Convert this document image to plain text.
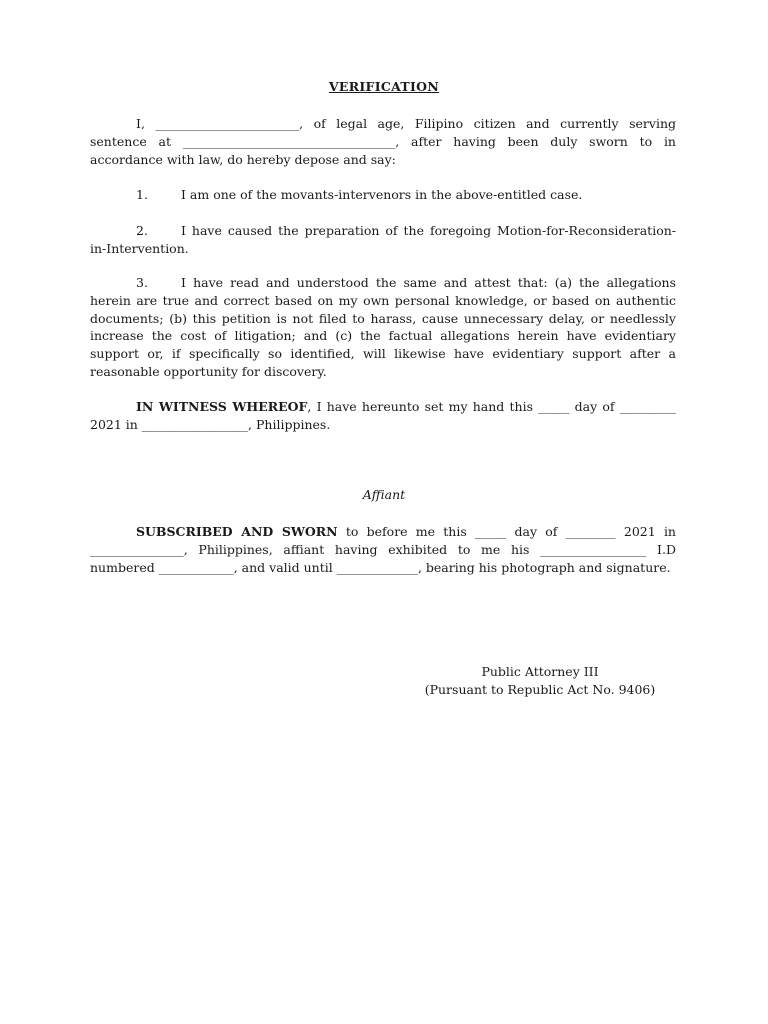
VERIFICATION
I, _______________________, of legal age, Filipino citizen and currently serving sentence at __________________________________, after having been duly sworn to in accordance with law, do hereby depose and say:
1.	I am one of the movants-intervenors in the above-entitled case.
2.	I have caused the preparation of the foregoing Motion-for-Reconsideration-in-Intervention.
3.	I have read and understood the same and attest that: (a) the allegations herein are true and correct based on my own personal knowledge, or based on authentic documents; (b) this petition is not filed to harass, cause unnecessary delay, or needlessly increase the cost of litigation; and (c) the factual allegations herein have evidentiary support or, if specifically so identified, will likewise have evidentiary support after a reasonable opportunity for discovery.
IN WITNESS WHEREOF, I have hereunto set my hand this _____ day of _________ 2021 in _________________, Philippines.
Affiant
SUBSCRIBED AND SWORN to before me this _____ day of ________ 2021 in _______________, Philippines, affiant having exhibited to me his _________________ I.D numbered ____________, and valid until _____________, bearing his photograph and signature.
Public Attorney III
(Pursuant to Republic Act No. 9406)
